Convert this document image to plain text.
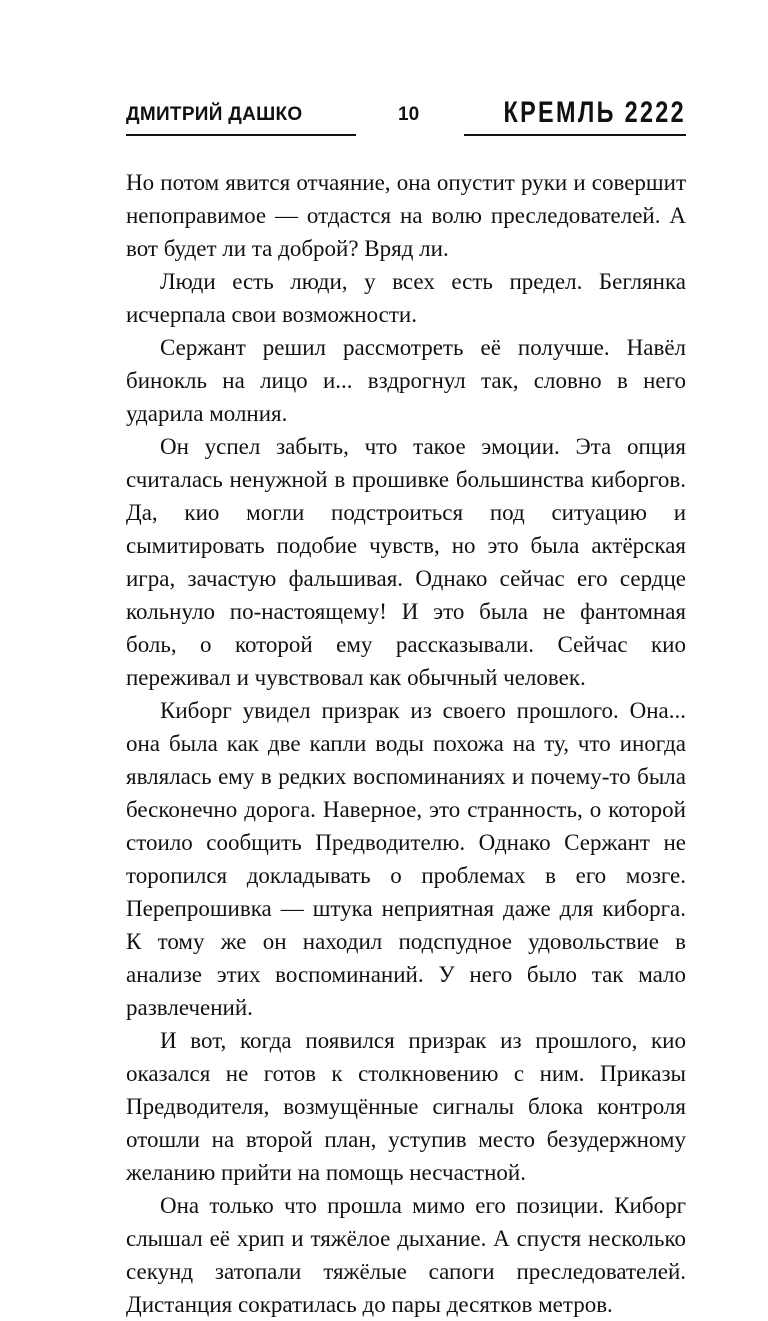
ДМИТРИЙ ДАШКО	10	КРЕМЛЬ 2222

Но потом явится отчаяние, она опустит руки и совершит непоправимое — отдастся на волю преследователей. А вот будет ли та доброй? Вряд ли.

Люди есть люди, у всех есть предел. Беглянка исчерпала свои возможности.

Сержант решил рассмотреть её получше. Навёл бинокль на лицо и... вздрогнул так, словно в него ударила молния.

Он успел забыть, что такое эмоции. Эта опция считалась ненужной в прошивке большинства киборгов. Да, кио могли подстроиться под ситуацию и сымитировать подобие чувств, но это была актёрская игра, зачастую фальшивая. Однако сейчас его сердце кольнуло по-настоящему! И это была не фантомная боль, о которой ему рассказывали. Сейчас кио переживал и чувствовал как обычный человек.

Киборг увидел призрак из своего прошлого. Она... она была как две капли воды похожа на ту, что иногда являлась ему в редких воспоминаниях и почему-то была бесконечно дорога. Наверное, это странность, о которой стоило сообщить Предводителю. Однако Сержант не торопился докладывать о проблемах в его мозге. Перепрошивка — штука неприятная даже для киборга. К тому же он находил подспудное удовольствие в анализе этих воспоминаний. У него было так мало развлечений.

И вот, когда появился призрак из прошлого, кио оказался не готов к столкновению с ним. Приказы Предводителя, возмущённые сигналы блока контроля отошли на второй план, уступив место безудержному желанию прийти на помощь несчастной.

Она только что прошла мимо его позиции. Киборг слышал её хрип и тяжёлое дыхание. А спустя несколько секунд затопали тяжёлые сапоги преследователей. Дистанция сократилась до пары десятков метров.
